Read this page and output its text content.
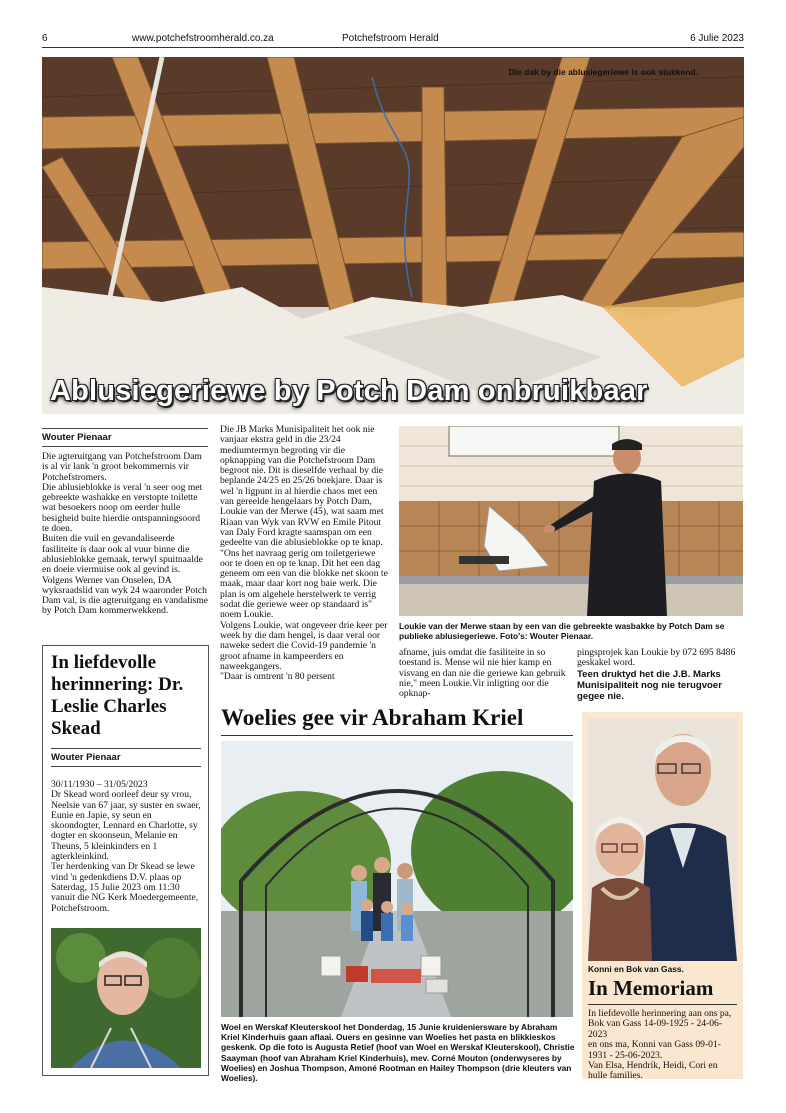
6	www.potchefstroomherald.co.za	Potchefstroom Herald	6 Julie 2023
Die dak by die ablusiegeriewe is ook stukkend.
Ablusiegeriewe by Potch Dam onbruikbaar
Wouter Pienaar

Die agteruitgang van Potchefstroom Dam is al vir lank 'n groot bekommernis vir Potchefstromers.

Die ablusieblokke is veral 'n seer oog met gebreekte washakke en verstopte toilette wat besoekers noop om eerder hulle besigheid buite hierdie ontspanningsoord te doen.

Buiten die vuil en gevandaliseerde fasiliteite is daar ook al vuur binne die ablusieblokke gemaak, terwyl spuitnaalde en doeie viermuise ook al gevind is.

Volgens Werner van Onselen, DA wyksraadslid van wyk 24 waaronder Potch Dam val, is die agteruitgang en vandalisme by Potch Dam kommerwekkend.

Die JB Marks Munisipaliteit het ook nie vanjaar ekstra geld in die 23/24 mediumtermyn begroting vir die opknapping van die Potchefstroom Dam begroot nie. Dit is dieselfde verhaal by die beplande 24/25 en 25/26 boekjare. Daar is wel 'n ligpunt in al hierdie chaos met een van gereelde hengelaars by Potch Dam, Loukie van der Merwe (45), wat saam met Riaan van Wyk van RVW en Emile Pitout van Daly Ford kragte saamspan om een gedeelte van die ablusieblokke op te knap.

"Ons het navraag gerig om toiletgeriewe oor te doen en op te knap. Dit het een dag geneem om een van die blokke net skoon te maak, maar daar kort nog baie werk. Die plan is om algehele herstelwerk te verrig sodat die geriewe weer op standaard is" noem Loukie.

Volgens Loukie, wat ongeveer drie keer per week by die dam hengel, is daar veral oor naweke sedert die Covid-19 pandemie 'n groot afname in kampeerders en naweekgangers.

"Daar is omtrent 'n 80 persent

Loukie van der Merwe staan by een van die gebreekte wasbakke by Potch Dam se publieke ablusiegeriewe. Foto's: Wouter Pienaar.
afname, juis omdat die fasiliteite in so toestand is. Mense wil nie hier kamp en visvang en dan nie die geriewe kan gebruik nie," meen Loukie.Vir inligting oor die opknap-

pingsprojek kan Loukie by 072 695 8486 geskakel word.

Teen druktyd het die J.B. Marks Munisipaliteit nog nie terugvoer gegee nie.

In liefdevolle herinnering: Dr. Leslie Charles Skead
Wouter Pienaar

30/11/1930 – 31/05/2023

Dr Skead word oorleef deur sy vrou, Neelsie van 67 jaar, sy suster en swaer, Eunie en Japie, sy seun en skoondogter, Lennard en Charlotte, sy dogter en skoonseun, Melanie en Theuns, 5 kleinkinders en 1 agterkleinkind.

Ter herdenking van Dr Skead se lewe vind 'n gedenkdiens D.V. plaas op Saterdag, 15 Julie 2023 om 11:30 vanuit die NG Kerk Moedergemeente, Potchefstroom.

Woelies gee vir Abraham Kriel
Woel en Werskaf Kleuterskool het Donderdag, 15 Junie kruideniersware by Abraham Kriel Kinderhuis gaan aflaai. Ouers en gesinne van Woelies het pasta en blikkieskos geskenk. Op die foto is Augusta Retief (hoof van Woel en Werskaf Kleuterskool), Christie Saayman (hoof van Abraham Kriel Kinderhuis), mev. Corné Mouton (onderwyseres by Woelies) en Joshua Thompson, Amoné Rootman en Hailey Thompson (drie kleuters van Woelies).
Konni en Bok van Gass.
In Memoriam

In liefdevolle herinnering aan ons pa, Bok van Gass 14-09-1925 - 24-06-2023

en ons ma, Konni van Gass 09-01-1931 - 25-06-2023.

Van Elsa, Hendrik, Heidi, Cori en hulle families.
